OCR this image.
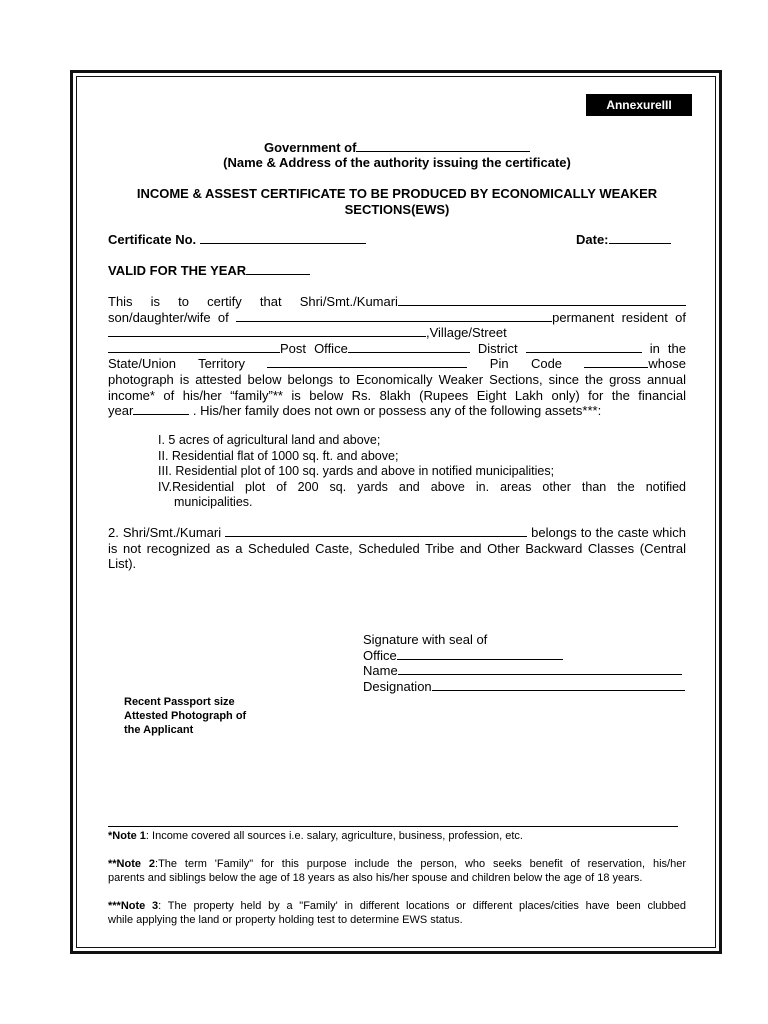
AnnexureIII
Government of
(Name & Address of the authority issuing the certificate)
INCOME & ASSEST CERTIFICATE TO BE PRODUCED BY ECONOMICALLY WEAKER
SECTIONS(EWS)
Certificate No.	Date:
VALID FOR THE YEAR
This is to certify that Shri/Smt./Kumari
son/daughter/wife of	permanent resident of
,Village/Street
Post Office	District	in the
State/Union Territory	Pin Code	whose
photograph is attested below belongs to Economically Weaker Sections, since the gross annual
income* of his/her “family”** is below Rs. 8lakh (Rupees Eight Lakh only) for the financial
year	. His/her family does not own or possess any of the following assets***:
I. 5 acres of agricultural land and above;
II. Residential flat of 1000 sq. ft. and above;
III. Residential plot of 100 sq. yards and above in notified municipalities;
IV.Residential plot of 200 sq. yards and above in. areas other than the notified
municipalities.
2. Shri/Smt./Kumari	belongs to the caste which
is not recognized as a Scheduled Caste, Scheduled Tribe and Other Backward Classes (Central
List).
Signature with seal of
Office
Name
Designation
Recent Passport size
Attested Photograph of
the Applicant
*Note 1: Income covered all sources i.e. salary, agriculture, business, profession, etc.
**Note 2:The term 'Family" for this purpose include the person, who seeks benefit of reservation, his/her
parents and siblings below the age of 18 years as also his/her spouse and children below the age of 18 years.
***Note 3: The property held by a "Family' in different locations or different places/cities have been clubbed
while applying the land or property holding test to determine EWS status.
